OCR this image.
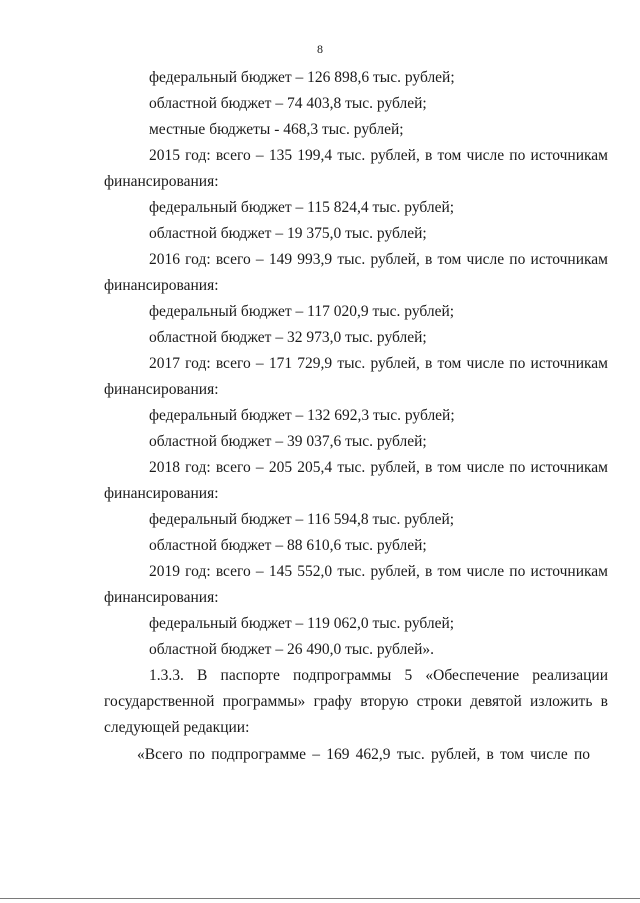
8
федеральный бюджет – 126 898,6 тыс. рублей;
областной бюджет – 74 403,8 тыс. рублей;
местные бюджеты - 468,3 тыс. рублей;
2015 год: всего – 135 199,4 тыс. рублей, в том числе по источникам
финансирования:
федеральный бюджет – 115 824,4 тыс. рублей;
областной бюджет – 19 375,0 тыс. рублей;
2016 год: всего – 149 993,9 тыс. рублей, в том числе по источникам
финансирования:
федеральный бюджет – 117 020,9 тыс. рублей;
областной бюджет – 32 973,0 тыс. рублей;
2017 год: всего – 171 729,9 тыс. рублей, в том числе по источникам
финансирования:
федеральный бюджет – 132 692,3 тыс. рублей;
областной бюджет – 39 037,6 тыс. рублей;
2018 год: всего – 205 205,4 тыс. рублей, в том числе по источникам
финансирования:
федеральный бюджет – 116 594,8 тыс. рублей;
областной бюджет – 88 610,6 тыс. рублей;
2019 год: всего – 145 552,0 тыс. рублей, в том числе по источникам
финансирования:
федеральный бюджет – 119 062,0 тыс. рублей;
областной бюджет – 26 490,0 тыс. рублей».
1.3.3. В паспорте подпрограммы 5 «Обеспечение реализации
государственной программы» графу вторую строки девятой изложить в
следующей редакции:
«Всего по подпрограмме – 169 462,9 тыс. рублей, в том числе по
